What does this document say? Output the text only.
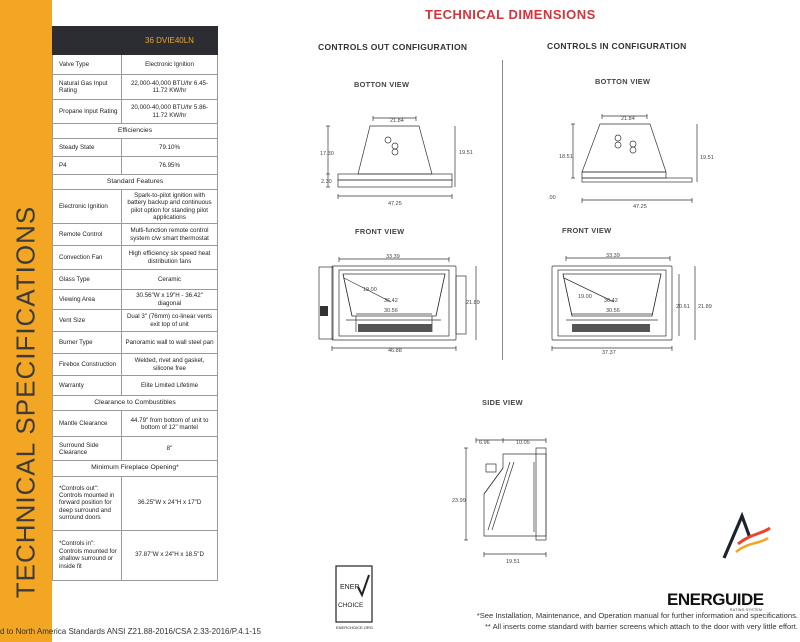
TECHNICAL SPECIFICATIONS
	36 DVIE40LN
Valve Type	Electronic Ignition
Natural Gas Input Rating	22,000-40,000 BTU/hr 6.45-11.72 KW/hr
Propane Input Rating	20,000-40,000 BTU/hr 5.86-11.72 KW/hr
Efficiencies	
Steady State	79.10%
P4	76.95%
Standard Features	
Electronic Ignition	Spark-to-pilot ignition with battery backup and continuous pilot option for standing pilot applications
Remote Control	Multi-function remote control system c/w smart thermostat
Convection Fan	High efficiency six speed heat distribution fans
Glass Type	Ceramic
Viewing Area	30.56"W x 19"H - 36.42" diagonal
Vent Size	Dual 3" (76mm) co-linear vents exit top of unit
Burner Type	Panoramic wall to wall steel pan
Firebox Construction	Welded, rivet and gasket, silicone free
Warranty	Elite Limited Lifetime
Clearance to Combustibles	
Mantle Clearance	44.79" from bottom of unit to bottom of 12" mantel
Surround Side Clearance	8"
Minimum Fireplace Opening*	
*Controls out": Controls mounted in forward position for deep surround and surround doors	36.25"W x 24"H x 17"D
*Controls in": Controls mounted for shallow surround or inside fit	37.87"W x 24"H x 18.5"D
d to North America Standards ANSI Z21.88-2016/CSA 2.33-2016/P.4.1-15
*See Installation, Maintenance, and Operation manual for further information and specifications.
** All inserts come standard with barrier screens which attach to the door with very little effort.
TECHNICAL DIMENSIONS
CONTROLS OUT CONFIGURATION	CONTROLS IN CONFIGURATION
BOTTON VIEW	BOTTON VIEW
FRONT VIEW	FRONT VIEW
SIDE VIEW
21.84
17.30
2.30
19.51
47.25
21.84
18.51
.00
19.51
47.25
33.39
19.00
36.42
30.56
21.89
46.88
33.39
19.00
36.42
30.56
20.61 21.89
37.37
6.96	10.05
23.99
19.51
ENER
CHOICE
ENERCHOICE.ORG
ENERGUIDE
RATING SYSTEM
